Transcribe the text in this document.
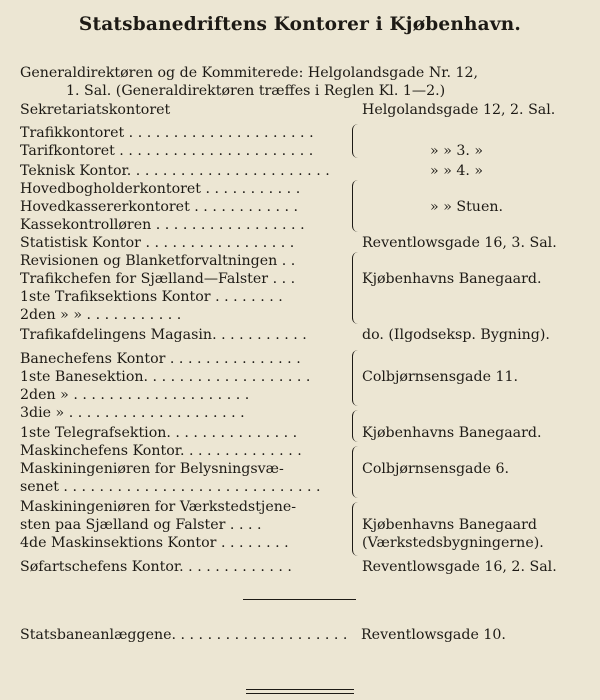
Statsbanedriftens Kontorer i Kjøbenhavn.
Generaldirektøren og de Kommiterede: Helgolandsgade Nr. 12,
1. Sal. (Generaldirektøren træffes i Reglen Kl. 1—2.)
Sekretariatskontoret	Helgolandsgade 12, 2. Sal.
Trafikkontoret . . . . . . . . . . . . . . . . . . . . .
Tarifkontoret . . . . . . . . . . . . . . . . . . . . . .	» » 3. »
Teknisk Kontor. . . . . . . . . . . . . . . . . . . . . . .	» » 4. »
Hovedbogholderkontoret . . . . . . . . . . .
Hovedkassererkontoret . . . . . . . . . . . .	» » Stuen.
Kassekontrolløren . . . . . . . . . . . . . . . . .
Statistisk Kontor . . . . . . . . . . . . . . . . .	Reventlowsgade 16, 3. Sal.
Revisionen og Blanketforvaltningen . .
Trafikchefen for Sjælland—Falster . . .	Kjøbenhavns Banegaard.
1ste Trafiksektions Kontor . . . . . . . .
2den » » . . . . . . . . . . .
Trafikafdelingens Magasin. . . . . . . . . . .	do. (Ilgodseksp. Bygning).
Banechefens Kontor . . . . . . . . . . . . . . .
1ste Banesektion. . . . . . . . . . . . . . . . . . .	Colbjørnsensgade 11.
2den » . . . . . . . . . . . . . . . . . . . .
3die » . . . . . . . . . . . . . . . . . . . .
1ste Telegrafsektion. . . . . . . . . . . . . . .	Kjøbenhavns Banegaard.
Maskinchefens Kontor. . . . . . . . . . . . . .
Maskiningeniøren for Belysningsvæ-	Colbjørnsensgade 6.
senet . . . . . . . . . . . . . . . . . . . . . . . . . . . . .
Maskiningeniøren for Værkstedstjene-
sten paa Sjælland og Falster . . . .	Kjøbenhavns Banegaard
4de Maskinsektions Kontor . . . . . . . .	(Værkstedsbygningerne).
Søfartschefens Kontor. . . . . . . . . . . . .	Reventlowsgade 16, 2. Sal.
Statsbaneanlæggene. . . . . . . . . . . . . . . . . . . . Reventlowsgade 10.
